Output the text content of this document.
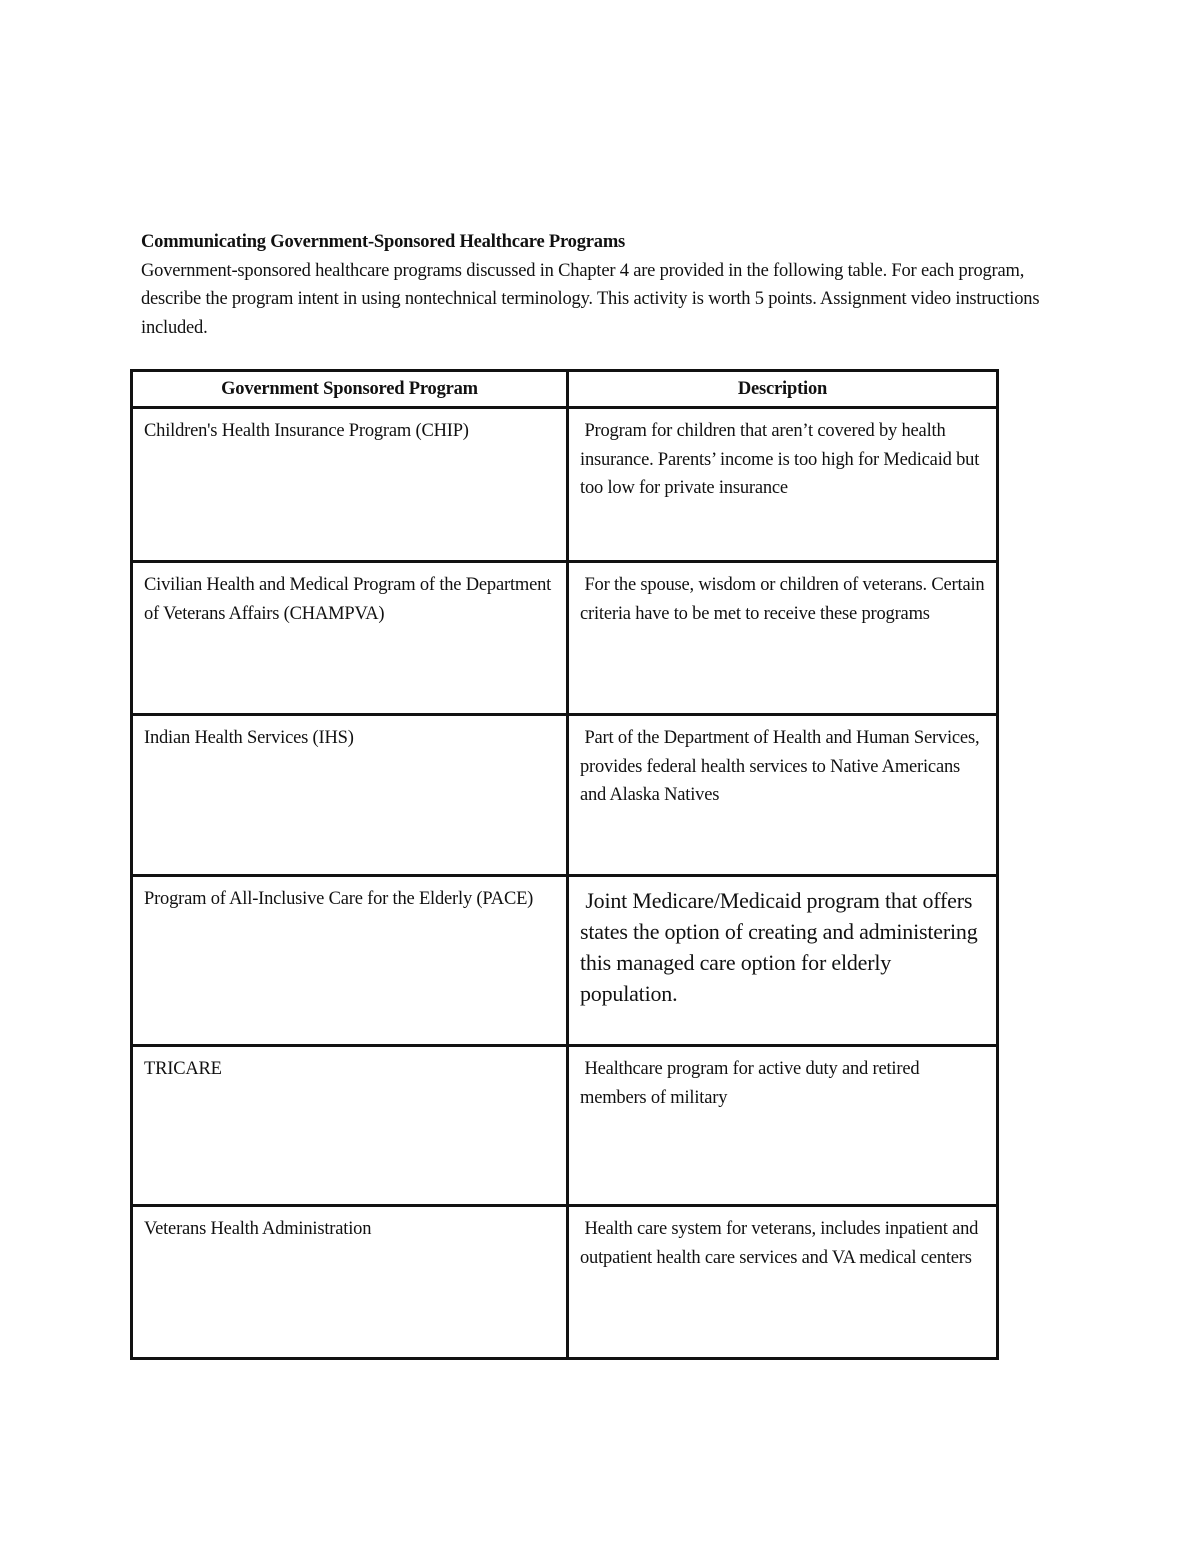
Communicating Government-Sponsored Healthcare Programs
Government-sponsored healthcare programs discussed in Chapter 4 are provided in the following table. For each program, describe the program intent in using nontechnical terminology. This activity is worth 5 points. Assignment video instructions included.
Government Sponsored Program	Description
Children's Health Insurance Program (CHIP)	Program for children that aren’t covered by health insurance. Parents’ income is too high for Medicaid but too low for private insurance
Civilian Health and Medical Program of the Department of Veterans Affairs (CHAMPVA)	For the spouse, wisdom or children of veterans. Certain criteria have to be met to receive these programs
Indian Health Services (IHS)	Part of the Department of Health and Human Services, provides federal health services to Native Americans and Alaska Natives
Program of All-Inclusive Care for the Elderly (PACE)	Joint Medicare/Medicaid program that offers states the option of creating and administering this managed care option for elderly population.
TRICARE	Healthcare program for active duty and retired members of military
Veterans Health Administration	Health care system for veterans, includes inpatient and outpatient health care services and VA medical centers
